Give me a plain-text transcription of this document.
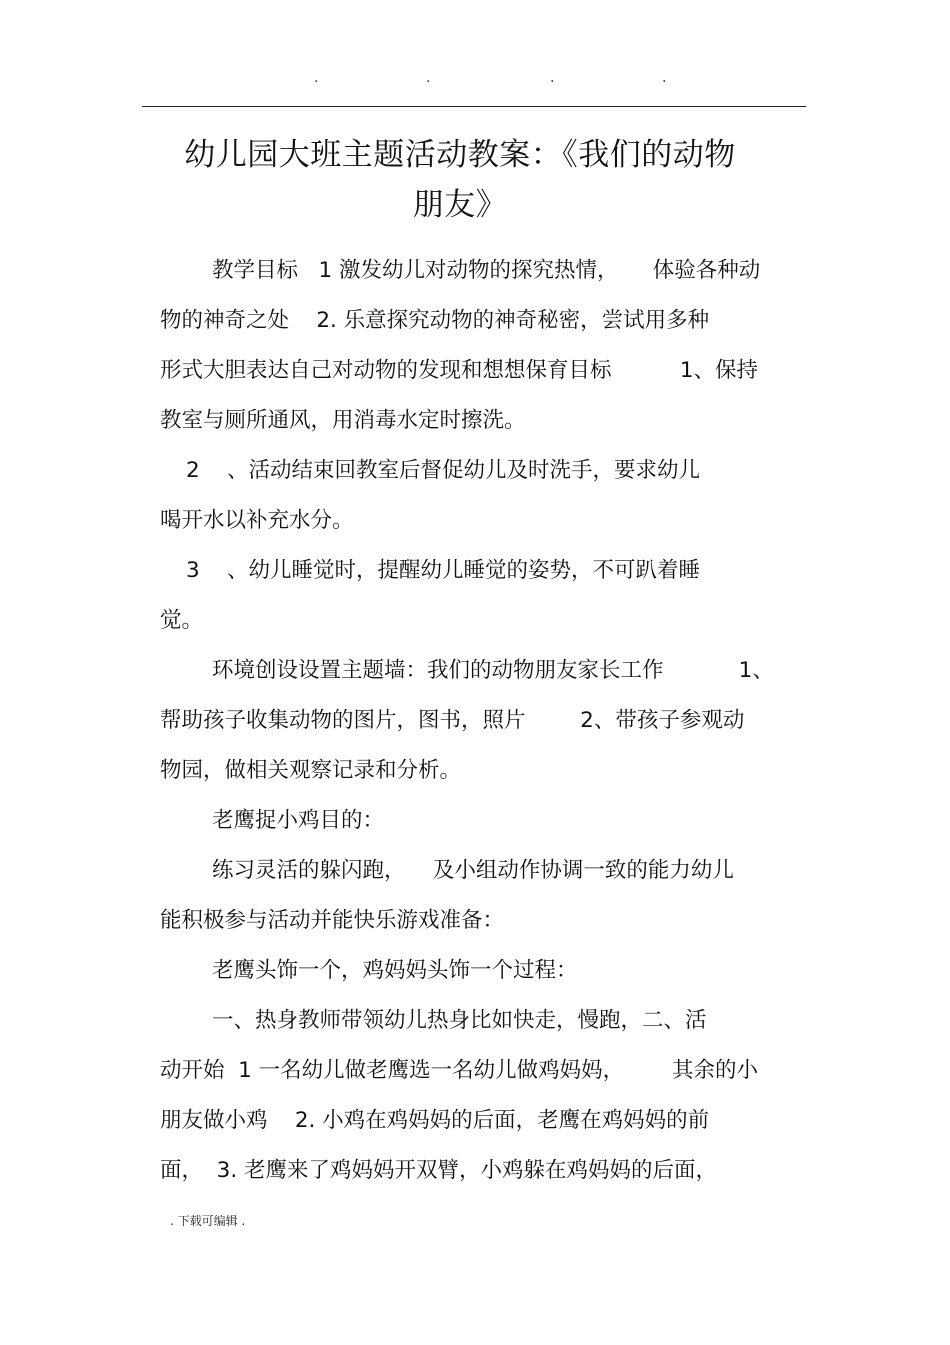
.	.	.	.
幼儿园大班主题活动教案：《我们的动物
朋友》
教学目标   1 激发幼儿对动物的探究热情，     体验各种动
物的神奇之处    2. 乐意探究动物的神奇秘密，尝试用多种
形式大胆表达自己对动物的发现和想想保育目标          1、保持
教室与厕所通风，用消毒水定时擦洗。
2    、活动结束回教室后督促幼儿及时洗手，要求幼儿
喝开水以补充水分。
3    、幼儿睡觉时，提醒幼儿睡觉的姿势，不可趴着睡
觉。
环境创设设置主题墙：我们的动物朋友家长工作           1、
帮助孩子收集动物的图片，图书，照片        2、带孩子参观动
物园，做相关观察记录和分析。
老鹰捉小鸡目的：
练习灵活的躲闪跑，    及小组动作协调一致的能力幼儿
能积极参与活动并能快乐游戏准备：
老鹰头饰一个，鸡妈妈头饰一个过程：
一、热身教师带领幼儿热身比如快走，慢跑，二、活
动开始  1 一名幼儿做老鹰选一名幼儿做鸡妈妈，       其余的小
朋友做小鸡    2. 小鸡在鸡妈妈的后面，老鹰在鸡妈妈的前
面，  3. 老鹰来了鸡妈妈开双臂，小鸡躲在鸡妈妈的后面，
. 下载可编辑 .
